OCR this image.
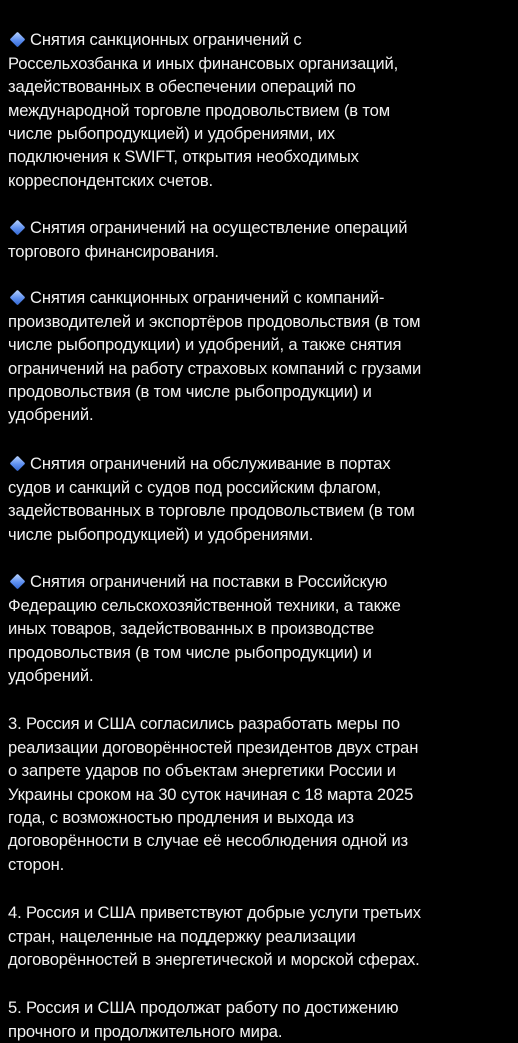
Снятия санкционных ограничений с
Россельхозбанка и иных финансовых организаций,
задействованных в обеспечении операций по
международной торговле продовольствием (в том
числе рыбопродукцией) и удобрениями, их
подключения к SWIFT, открытия необходимых
корреспондентских счетов.

Снятия ограничений на осуществление операций
торгового финансирования.

Снятия санкционных ограничений с компаний-
производителей и экспортёров продовольствия (в том
числе рыбопродукции) и удобрений, а также снятия
ограничений на работу страховых компаний с грузами
продовольствия (в том числе рыбопродукции) и
удобрений.

Снятия ограничений на обслуживание в портах
судов и санкций с судов под российским флагом,
задействованных в торговле продовольствием (в том
числе рыбопродукцией) и удобрениями.

Снятия ограничений на поставки в Российскую
Федерацию сельскохозяйственной техники, а также
иных товаров, задействованных в производстве
продовольствия (в том числе рыбопродукции) и
удобрений.

3. Россия и США согласились разработать меры по
реализации договорённостей президентов двух стран
о запрете ударов по объектам энергетики России и
Украины сроком на 30 суток начиная с 18 марта 2025
года, с возможностью продления и выхода из
договорённости в случае её несоблюдения одной из
сторон.

4. Россия и США приветствуют добрые услуги третьих
стран, нацеленные на поддержку реализации
договорённостей в энергетической и морской сферах.

5. Россия и США продолжат работу по достижению
прочного и продолжительного мира.
